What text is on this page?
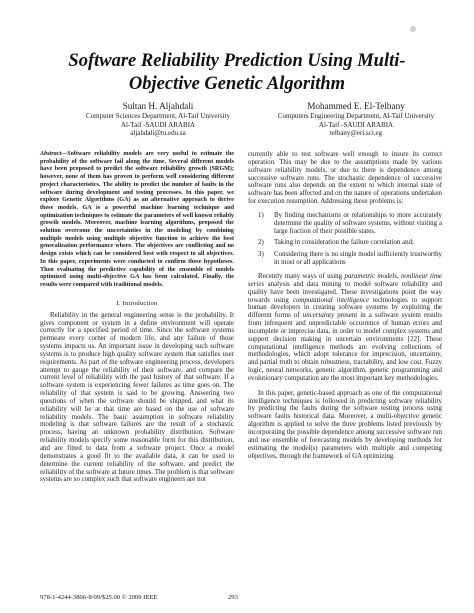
Software Reliability Prediction Using Multi-Objective Genetic Algorithm
Sultan H. Aljahdali
Computer Sciences Department, Al-Taif University
Al-Taif -SAUDI ARABIA
aljahdali@tu.edu.sa
Mohammed E. El-Telbany
Computers Engineering Department, Al-Taif University
Al-Taif -SAUDI ARABIA
telbany@eri.sci.eg
Abstract—Software reliability models are very useful to estimate the probability of the software fail along the time. Several different models have been proposed to predict the software reliability growth (SRGM); however, none of them has proven to perform well considering different project characteristics. The ability to predict the number of faults in the software during development and testing processes. In this paper, we explore Genetic Algorithms (GA) as an alternative approach to derive these models. GA is a powerful machine learning technique and optimization techniques to estimate the parameters of well known reliably growth models. Moreover, machine learning algorithms, proposed the solution overcome the uncertainties in the modeling by combining multiple models using multiple objective function to achieve the best generalization performance where. The objectives are conflicting and no design exists which can be considered best with respect to all objectives. In this paper, experiments were conducted to confirm these hypotheses. Then evaluating the predictive capability of the ensemble of models optimized using multi-objective GA has been calculated. Finally, the results were compared with traditional models.
I. Introduction

Reliability in the general engineering sense is the probability. It gives component or system in a define environment will operate correctly for a specified period of time. Since the software systems permeate every corner of modern life, and any failure of those systems impacts us. An important issue in developing such software systems is to produce high quality software system that satisfies user requirements. As part of the software engineering process, developers attempt to gauge the reliability of their software, and compare the current level of reliability with the past history of that software. If a software system is experiencing fewer failures as time goes on. The reliability of that system is said to be growing. Answering two questions of when the software should be shipped, and what its reliability will be at that time are based on the use of software reliability models. The basic assumption in software reliability modeling is that software failures are the result of a stochastic process, having an unknown probability distribution. Software reliability models specify some reasonable form for this distribution, and are fitted to data from a software project. Once a model demonstrates a good fit to the available data, it can be used to determine the current reliability of the software, and predict the reliability of the software at future times. The problem is that software systems are so complex such that software engineers are not

currently able to test software well enough to insure its correct operation. This may be due to the assumptions made by various software reliability models, or due to there is dependence among successive software runs. The stochastic dependence of successive software runs also depends on the extent to which internal state of software has been affected and on the nature of operations undertaken for execution resumption. Addressing these problems is:

1) By finding mechanisms or relationships to more accurately determine the quality of software systems, without visiting a large fraction of their possible states.
2) Taking in consideration the failure correlation and;
3) Considering there is no single model sufficiently trustworthy in most or all applications

Recently many ways of using parametric models, nonlinear time series analysis and data mining to model software reliability and quality have been investigated. These investigations point the way towards using computational intelligence technologies to support human developers in creating software systems by exploiting the different forms of uncertainty present in a software system results from infrequent and unpredictable occurrence of human errors and incomplete or imprecise data, in order to model complex systems and support decision making in uncertain environments [22]. These computational intelligence methods are evolving collections of methodologies, which adopt tolerance for imprecision, uncertainty, and partial truth to obtain robustness, tractability, and low cost. Fuzzy logic, neural networks, genetic algorithm, genetic programming and evolutionary computation are the most important key methodologies.

In this paper, genetic-based approach as one of the computational intelligence techniques is followed in predicting software reliability by predicting the faults during the software testing process using software faults historical data. Moreover, a multi-objective genetic algorithm is applied to solve the three problems listed previously by incorporating the possible dependence among successive software run and use ensemble of forecasting models by developing methods for estimating the model(s) parameters with multiple and competing objectives, through the framework of GA optimizing.

978-1-4244-3806-8/09/$25.00 © 2009 IEEE	293
